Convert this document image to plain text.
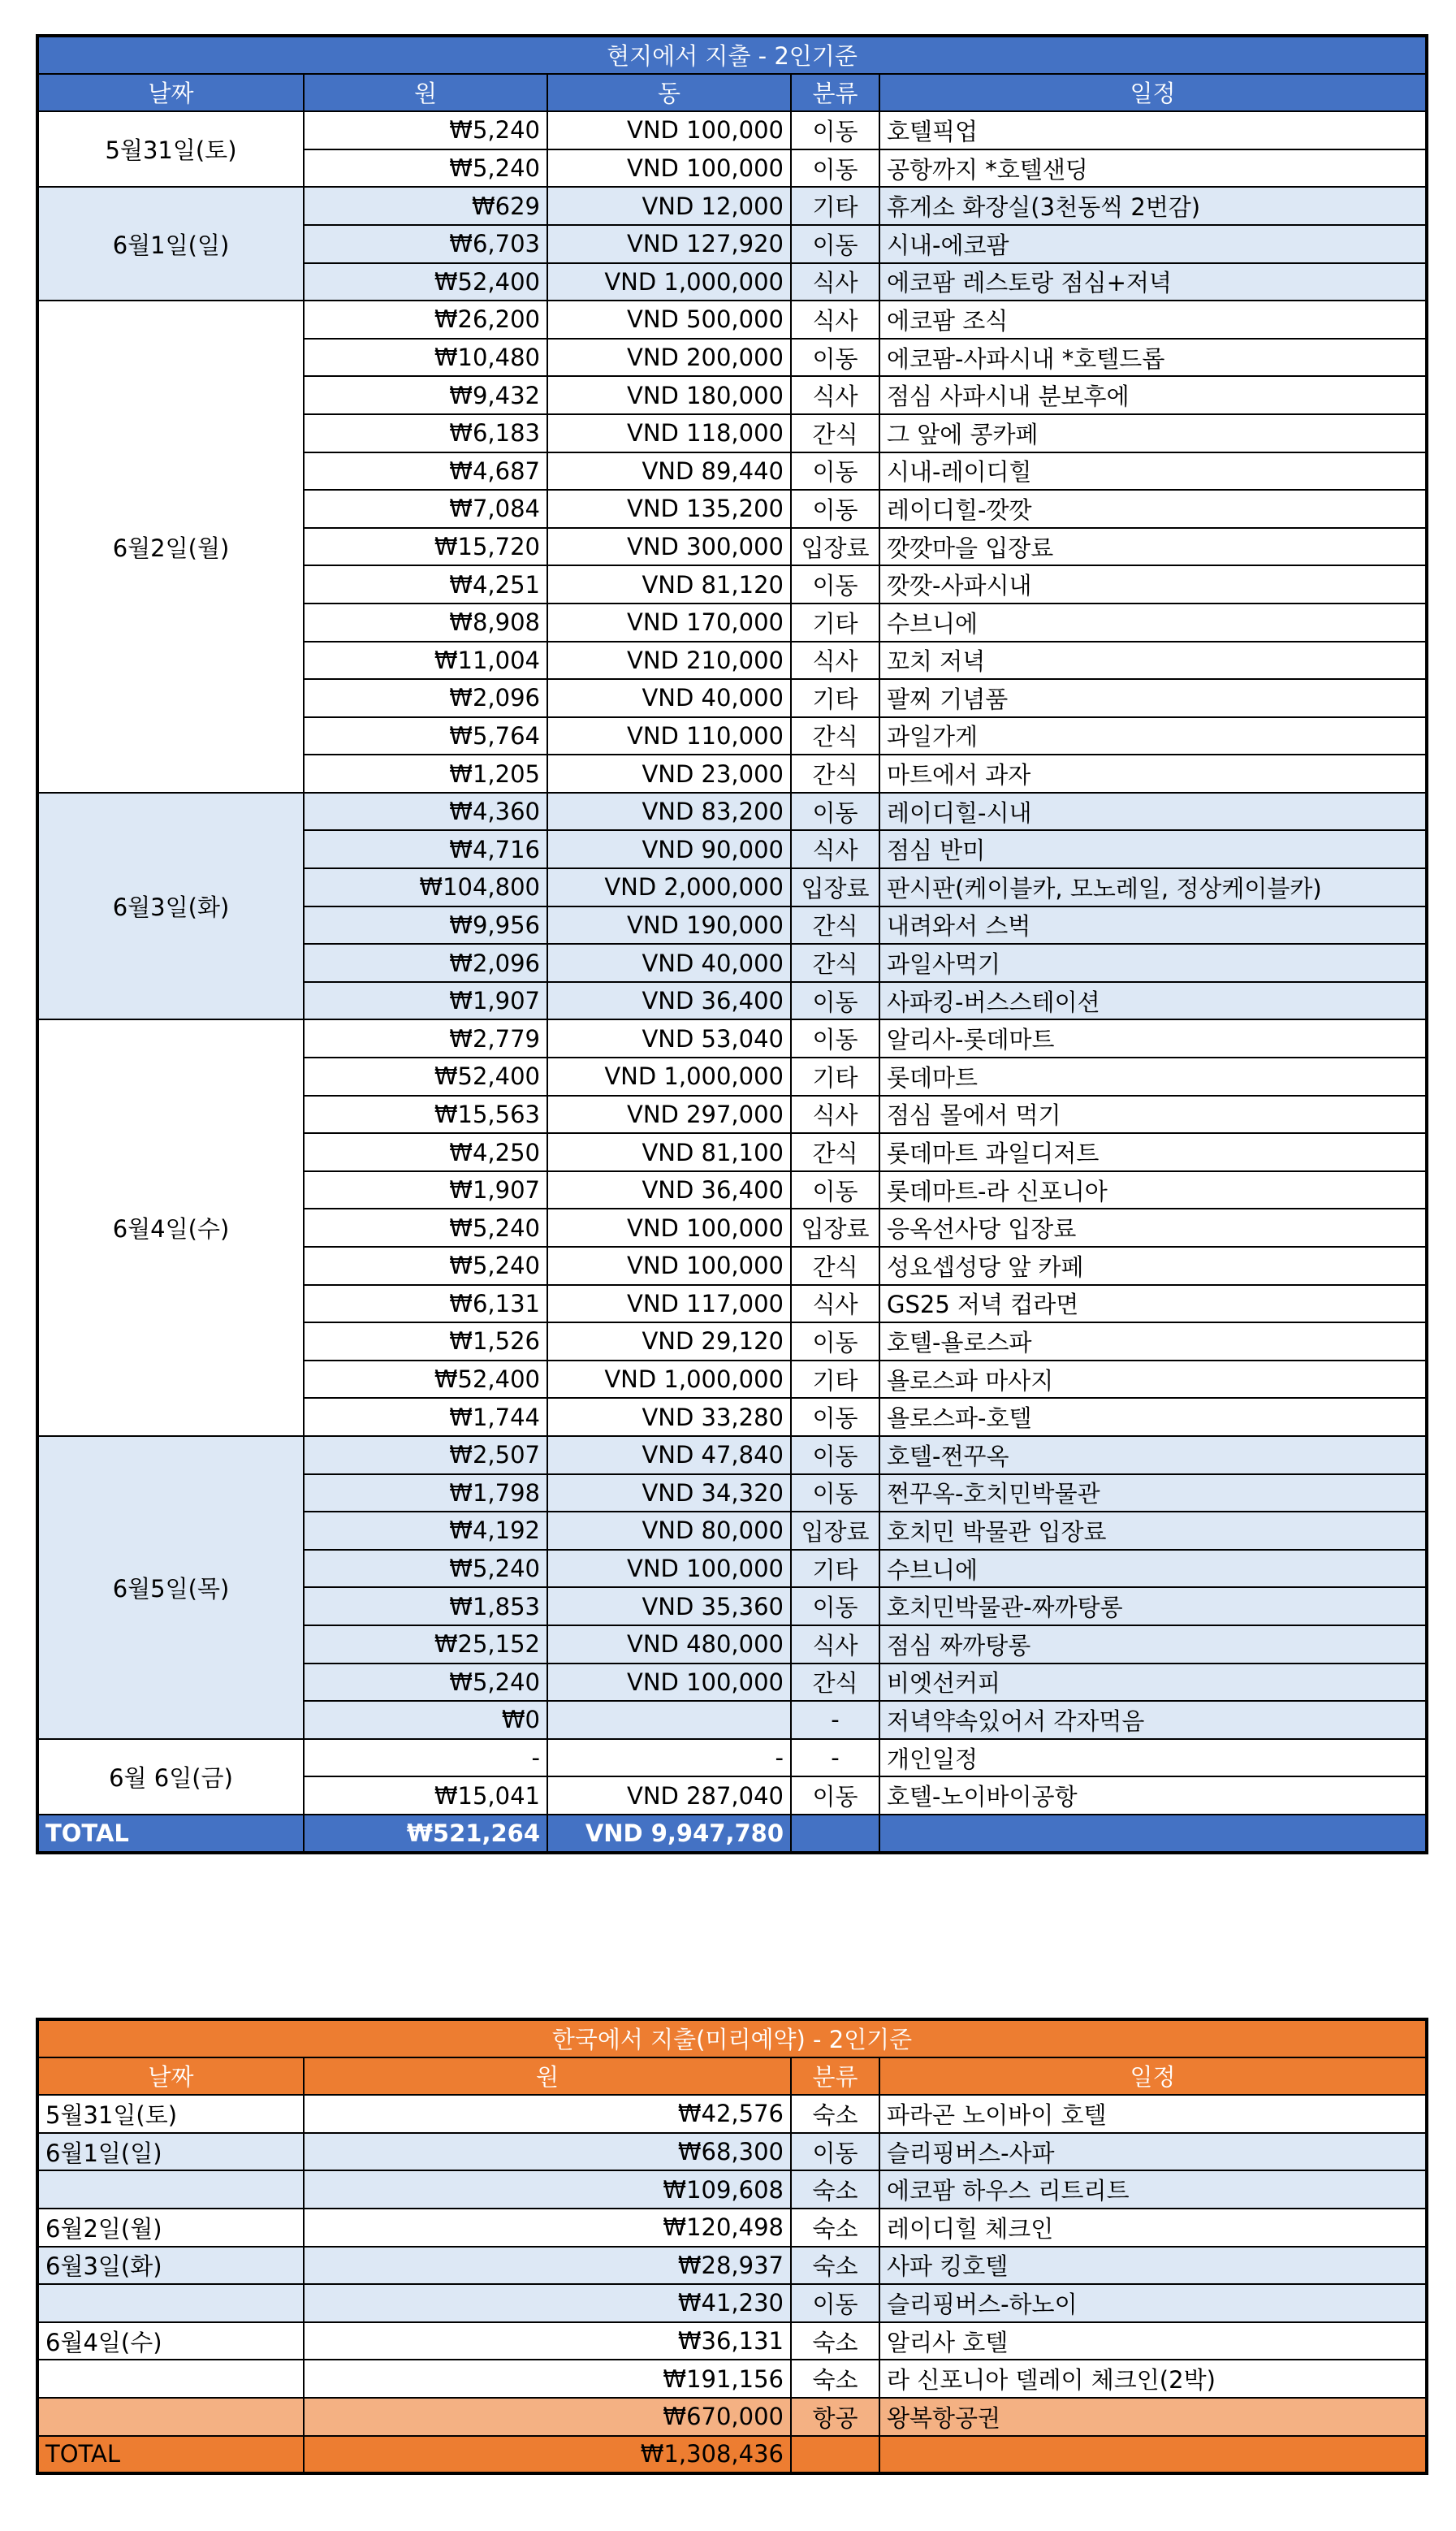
현지에서 지출 - 2인기준				
날짜	원	동	분류	일정
5월31일(토)	₩5,240	VND 100,000	이동	호텔픽업
	₩5,240	VND 100,000	이동	공항까지 *호텔샌딩
6월1일(일)	₩629	VND 12,000	기타	휴게소 화장실(3천동씩 2번감)
	₩6,703	VND 127,920	이동	시내-에코팜
	₩52,400	VND 1,000,000	식사	에코팜 레스토랑 점심+저녁
6월2일(월)	₩26,200	VND 500,000	식사	에코팜 조식
	₩10,480	VND 200,000	이동	에코팜-사파시내 *호텔드롭
	₩9,432	VND 180,000	식사	점심 사파시내 분보후에
	₩6,183	VND 118,000	간식	그 앞에 콩카페
	₩4,687	VND 89,440	이동	시내-레이디힐
	₩7,084	VND 135,200	이동	레이디힐-깟깟
	₩15,720	VND 300,000	입장료	깟깟마을 입장료
	₩4,251	VND 81,120	이동	깟깟-사파시내
	₩8,908	VND 170,000	기타	수브니에
	₩11,004	VND 210,000	식사	꼬치 저녁
	₩2,096	VND 40,000	기타	팔찌 기념품
	₩5,764	VND 110,000	간식	과일가게
	₩1,205	VND 23,000	간식	마트에서 과자
6월3일(화)	₩4,360	VND 83,200	이동	레이디힐-시내
	₩4,716	VND 90,000	식사	점심 반미
	₩104,800	VND 2,000,000	입장료	판시판(케이블카, 모노레일, 정상케이블카)
	₩9,956	VND 190,000	간식	내려와서 스벅
	₩2,096	VND 40,000	간식	과일사먹기
	₩1,907	VND 36,400	이동	사파킹-버스스테이션
6월4일(수)	₩2,779	VND 53,040	이동	알리사-롯데마트
	₩52,400	VND 1,000,000	기타	롯데마트
	₩15,563	VND 297,000	식사	점심 몰에서 먹기
	₩4,250	VND 81,100	간식	롯데마트 과일디저트
	₩1,907	VND 36,400	이동	롯데마트-라 신포니아
	₩5,240	VND 100,000	입장료	응옥선사당 입장료
	₩5,240	VND 100,000	간식	성요셉성당 앞 카페
	₩6,131	VND 117,000	식사	GS25 저녁 컵라면
	₩1,526	VND 29,120	이동	호텔-욜로스파
	₩52,400	VND 1,000,000	기타	욜로스파 마사지
	₩1,744	VND 33,280	이동	욜로스파-호텔
6월5일(목)	₩2,507	VND 47,840	이동	호텔-쩐꾸옥
	₩1,798	VND 34,320	이동	쩐꾸옥-호치민박물관
	₩4,192	VND 80,000	입장료	호치민 박물관 입장료
	₩5,240	VND 100,000	기타	수브니에
	₩1,853	VND 35,360	이동	호치민박물관-짜까탕롱
	₩25,152	VND 480,000	식사	점심 짜까탕롱
	₩5,240	VND 100,000	간식	비엣선커피
	₩0		-	저녁약속있어서 각자먹음
6월 6일(금)	-	-	-	개인일정
	₩15,041	VND 287,040	이동	호텔-노이바이공항
TOTAL	₩521,264	VND 9,947,780		
한국에서 지출(미리예약) - 2인기준			
날짜	원	분류	일정
5월31일(토)	₩42,576	숙소	파라곤 노이바이 호텔
6월1일(일)	₩68,300	이동	슬리핑버스-사파
	₩109,608	숙소	에코팜 하우스 리트리트
6월2일(월)	₩120,498	숙소	레이디힐 체크인
6월3일(화)	₩28,937	숙소	사파 킹호텔
	₩41,230	이동	슬리핑버스-하노이
6월4일(수)	₩36,131	숙소	알리사 호텔
	₩191,156	숙소	라 신포니아 델레이 체크인(2박)
	₩670,000	항공	왕복항공권
TOTAL	₩1,308,436		
